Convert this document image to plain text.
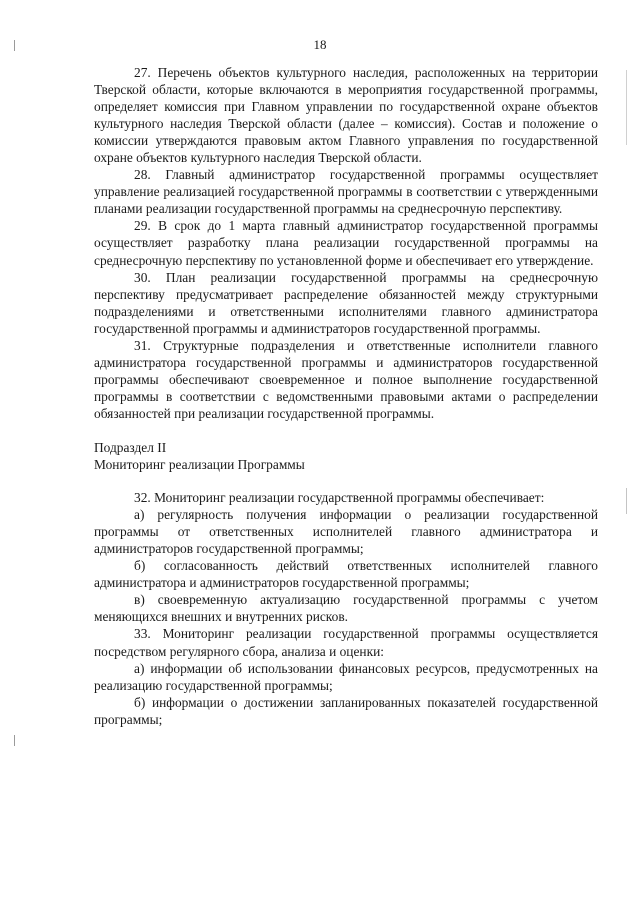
18

27. Перечень объектов культурного наследия, расположенных на территории Тверской области, которые включаются в мероприятия государственной программы, определяет комиссия при Главном управлении по государственной охране объектов культурного наследия Тверской области (далее – комиссия). Состав и положение о комиссии утверждаются правовым актом Главного управления по государственной охране объектов культурного наследия Тверской области.

28. Главный администратор государственной программы осуществляет управление реализацией государственной программы в соответствии с утвержденными планами реализации государственной программы на среднесрочную перспективу.

29. В срок до 1 марта главный администратор государственной программы осуществляет разработку плана реализации государственной программы на среднесрочную перспективу по установленной форме и обеспечивает его утверждение.

30. План реализации государственной программы на среднесрочную перспективу предусматривает распределение обязанностей между структурными подразделениями и ответственными исполнителями главного администратора государственной программы и администраторов государственной программы.

31. Структурные подразделения и ответственные исполнители главного администратора государственной программы и администраторов государственной программы обеспечивают своевременное и полное выполнение государственной программы в соответствии с ведомственными правовыми актами о распределении обязанностей при реализации государственной программы.

Подраздел II

Мониторинг реализации Программы

32. Мониторинг реализации государственной программы обеспечивает:

а) регулярность получения информации о реализации государственной программы от ответственных исполнителей главного администратора и администраторов государственной программы;

б) согласованность действий ответственных исполнителей главного администратора и администраторов государственной программы;

в) своевременную актуализацию государственной программы с учетом меняющихся внешних и внутренних рисков.

33. Мониторинг реализации государственной программы осуществляется посредством регулярного сбора, анализа и оценки:

а) информации об использовании финансовых ресурсов, предусмотренных на реализацию государственной программы;

б) информации о достижении запланированных показателей государственной программы;
